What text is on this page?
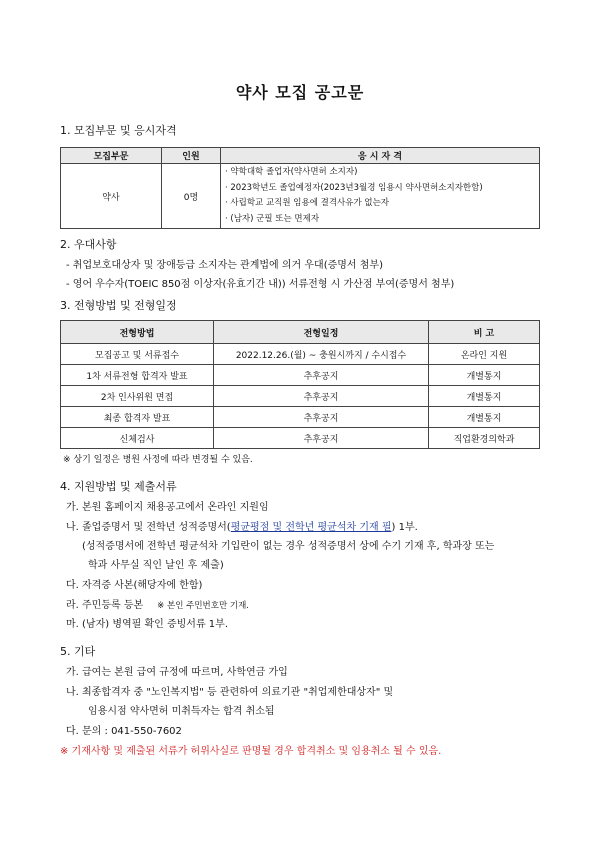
약사 모집 공고문
1. 모집부문 및 응시자격
모집부문	인원	응 시 자 격
약사	0명	· 약학대학 졸업자(약사면허 소지자)
· 2023학년도 졸업예정자(2023년3월경 임용시 약사면허소지자한함)
· 사립학교 교직원 임용에 결격사유가 없는자
· (남자) 군필 또는 면제자
2. 우대사항
- 취업보호대상자 및 장애등급 소지자는 관계법에 의거 우대(증명서 첨부)
- 영어 우수자(TOEIC 850점 이상자(유효기간 내)) 서류전형 시 가산점 부여(증명서 첨부)
3. 전형방법 및 전형일정
전형방법	전형일정	비 고
모집공고 및 서류접수	2022.12.26.(월) ~ 충원시까지 / 수시접수	온라인 지원
1차 서류전형 합격자 발표	추후공지	개별통지
2차 인사위원 면접	추후공지	개별통지
최종 합격자 발표	추후공지	개별통지
신체검사	추후공지	직업환경의학과
※ 상기 일정은 병원 사정에 따라 변경될 수 있음.
4. 지원방법 및 제출서류
가. 본원 홈페이지 채용공고에서 온라인 지원임
나. 졸업증명서 및 전학년 성적증명서(평균평점 및 전학년 평균석차 기재 필) 1부.
(성적증명서에 전학년 평균석차 기입란이 없는 경우 성적증명서 상에 수기 기재 후, 학과장 또는
학과 사무실 직인 날인 후 제출)
다. 자격증 사본(해당자에 한함)
라. 주민등록 등본 ※ 본인 주민번호만 기재.
마. (남자) 병역필 확인 증빙서류 1부.
5. 기타
가. 급여는 본원 급여 규정에 따르며, 사학연금 가입
나. 최종합격자 중 "노인복지법" 등 관련하여 의료기관 "취업제한대상자" 및
임용시점 약사면허 미취득자는 합격 취소됨
다. 문의 : 041-550-7602
※ 기재사항 및 제출된 서류가 허위사실로 판명될 경우 합격취소 및 임용취소 될 수 있음.
